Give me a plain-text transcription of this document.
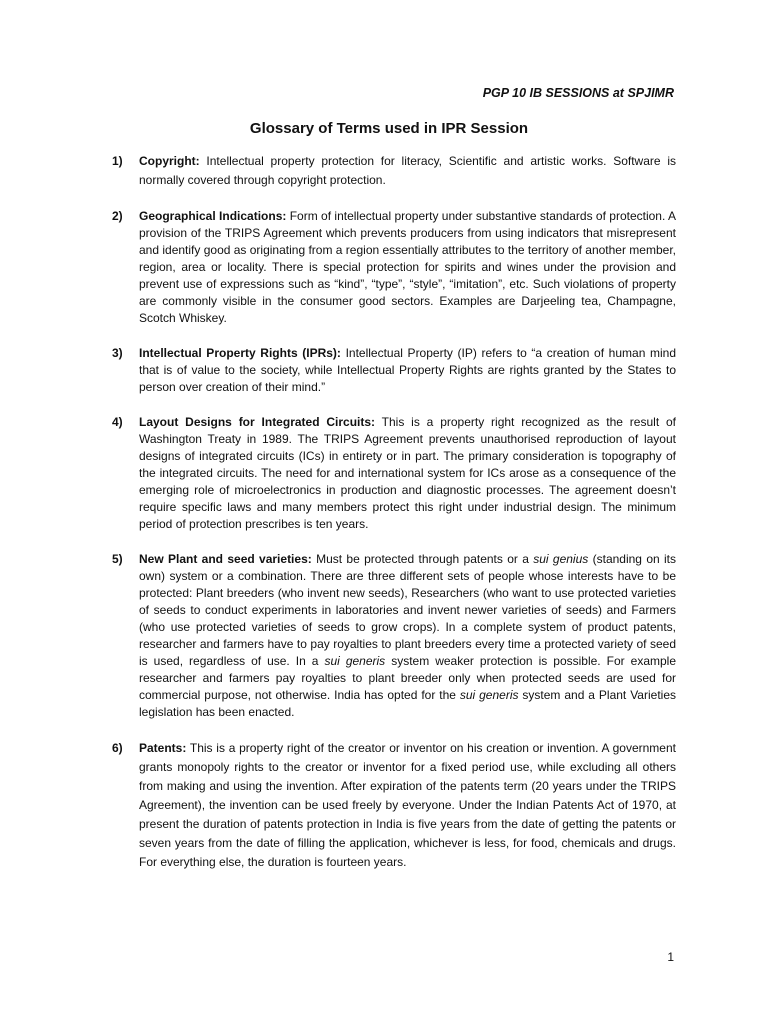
PGP 10 IB SESSIONS at SPJIMR
Glossary of Terms used in IPR Session
1) Copyright: Intellectual property protection for literacy, Scientific and artistic works. Software is normally covered through copyright protection.
2) Geographical Indications: Form of intellectual property under substantive standards of protection. A provision of the TRIPS Agreement which prevents producers from using indicators that misrepresent and identify good as originating from a region essentially attributes to the territory of another member, region, area or locality. There is special protection for spirits and wines under the provision and prevent use of expressions such as “kind”, “type”, “style”, “imitation”, etc. Such violations of property are commonly visible in the consumer good sectors. Examples are Darjeeling tea, Champagne, Scotch Whiskey.
3) Intellectual Property Rights (IPRs): Intellectual Property (IP) refers to “a creation of human mind that is of value to the society, while Intellectual Property Rights are rights granted by the States to person over creation of their mind.”
4) Layout Designs for Integrated Circuits: This is a property right recognized as the result of Washington Treaty in 1989. The TRIPS Agreement prevents unauthorised reproduction of layout designs of integrated circuits (ICs) in entirety or in part. The primary consideration is topography of the integrated circuits. The need for and international system for ICs arose as a consequence of the emerging role of microelectronics in production and diagnostic processes. The agreement doesn’t require specific laws and many members protect this right under industrial design. The minimum period of protection prescribes is ten years.
5) New Plant and seed varieties: Must be protected through patents or a sui genius (standing on its own) system or a combination. There are three different sets of people whose interests have to be protected: Plant breeders (who invent new seeds), Researchers (who want to use protected varieties of seeds to conduct experiments in laboratories and invent newer varieties of seeds) and Farmers (who use protected varieties of seeds to grow crops). In a complete system of product patents, researcher and farmers have to pay royalties to plant breeders every time a protected variety of seed is used, regardless of use. In a sui generis system weaker protection is possible. For example researcher and farmers pay royalties to plant breeder only when protected seeds are used for commercial purpose, not otherwise. India has opted for the sui generis system and a Plant Varieties legislation has been enacted.
6) Patents: This is a property right of the creator or inventor on his creation or invention. A government grants monopoly rights to the creator or inventor for a fixed period use, while excluding all others from making and using the invention. After expiration of the patents term (20 years under the TRIPS Agreement), the invention can be used freely by everyone. Under the Indian Patents Act of 1970, at present the duration of patents protection in India is five years from the date of getting the patents or seven years from the date of filling the application, whichever is less, for food, chemicals and drugs. For everything else, the duration is fourteen years.
1
